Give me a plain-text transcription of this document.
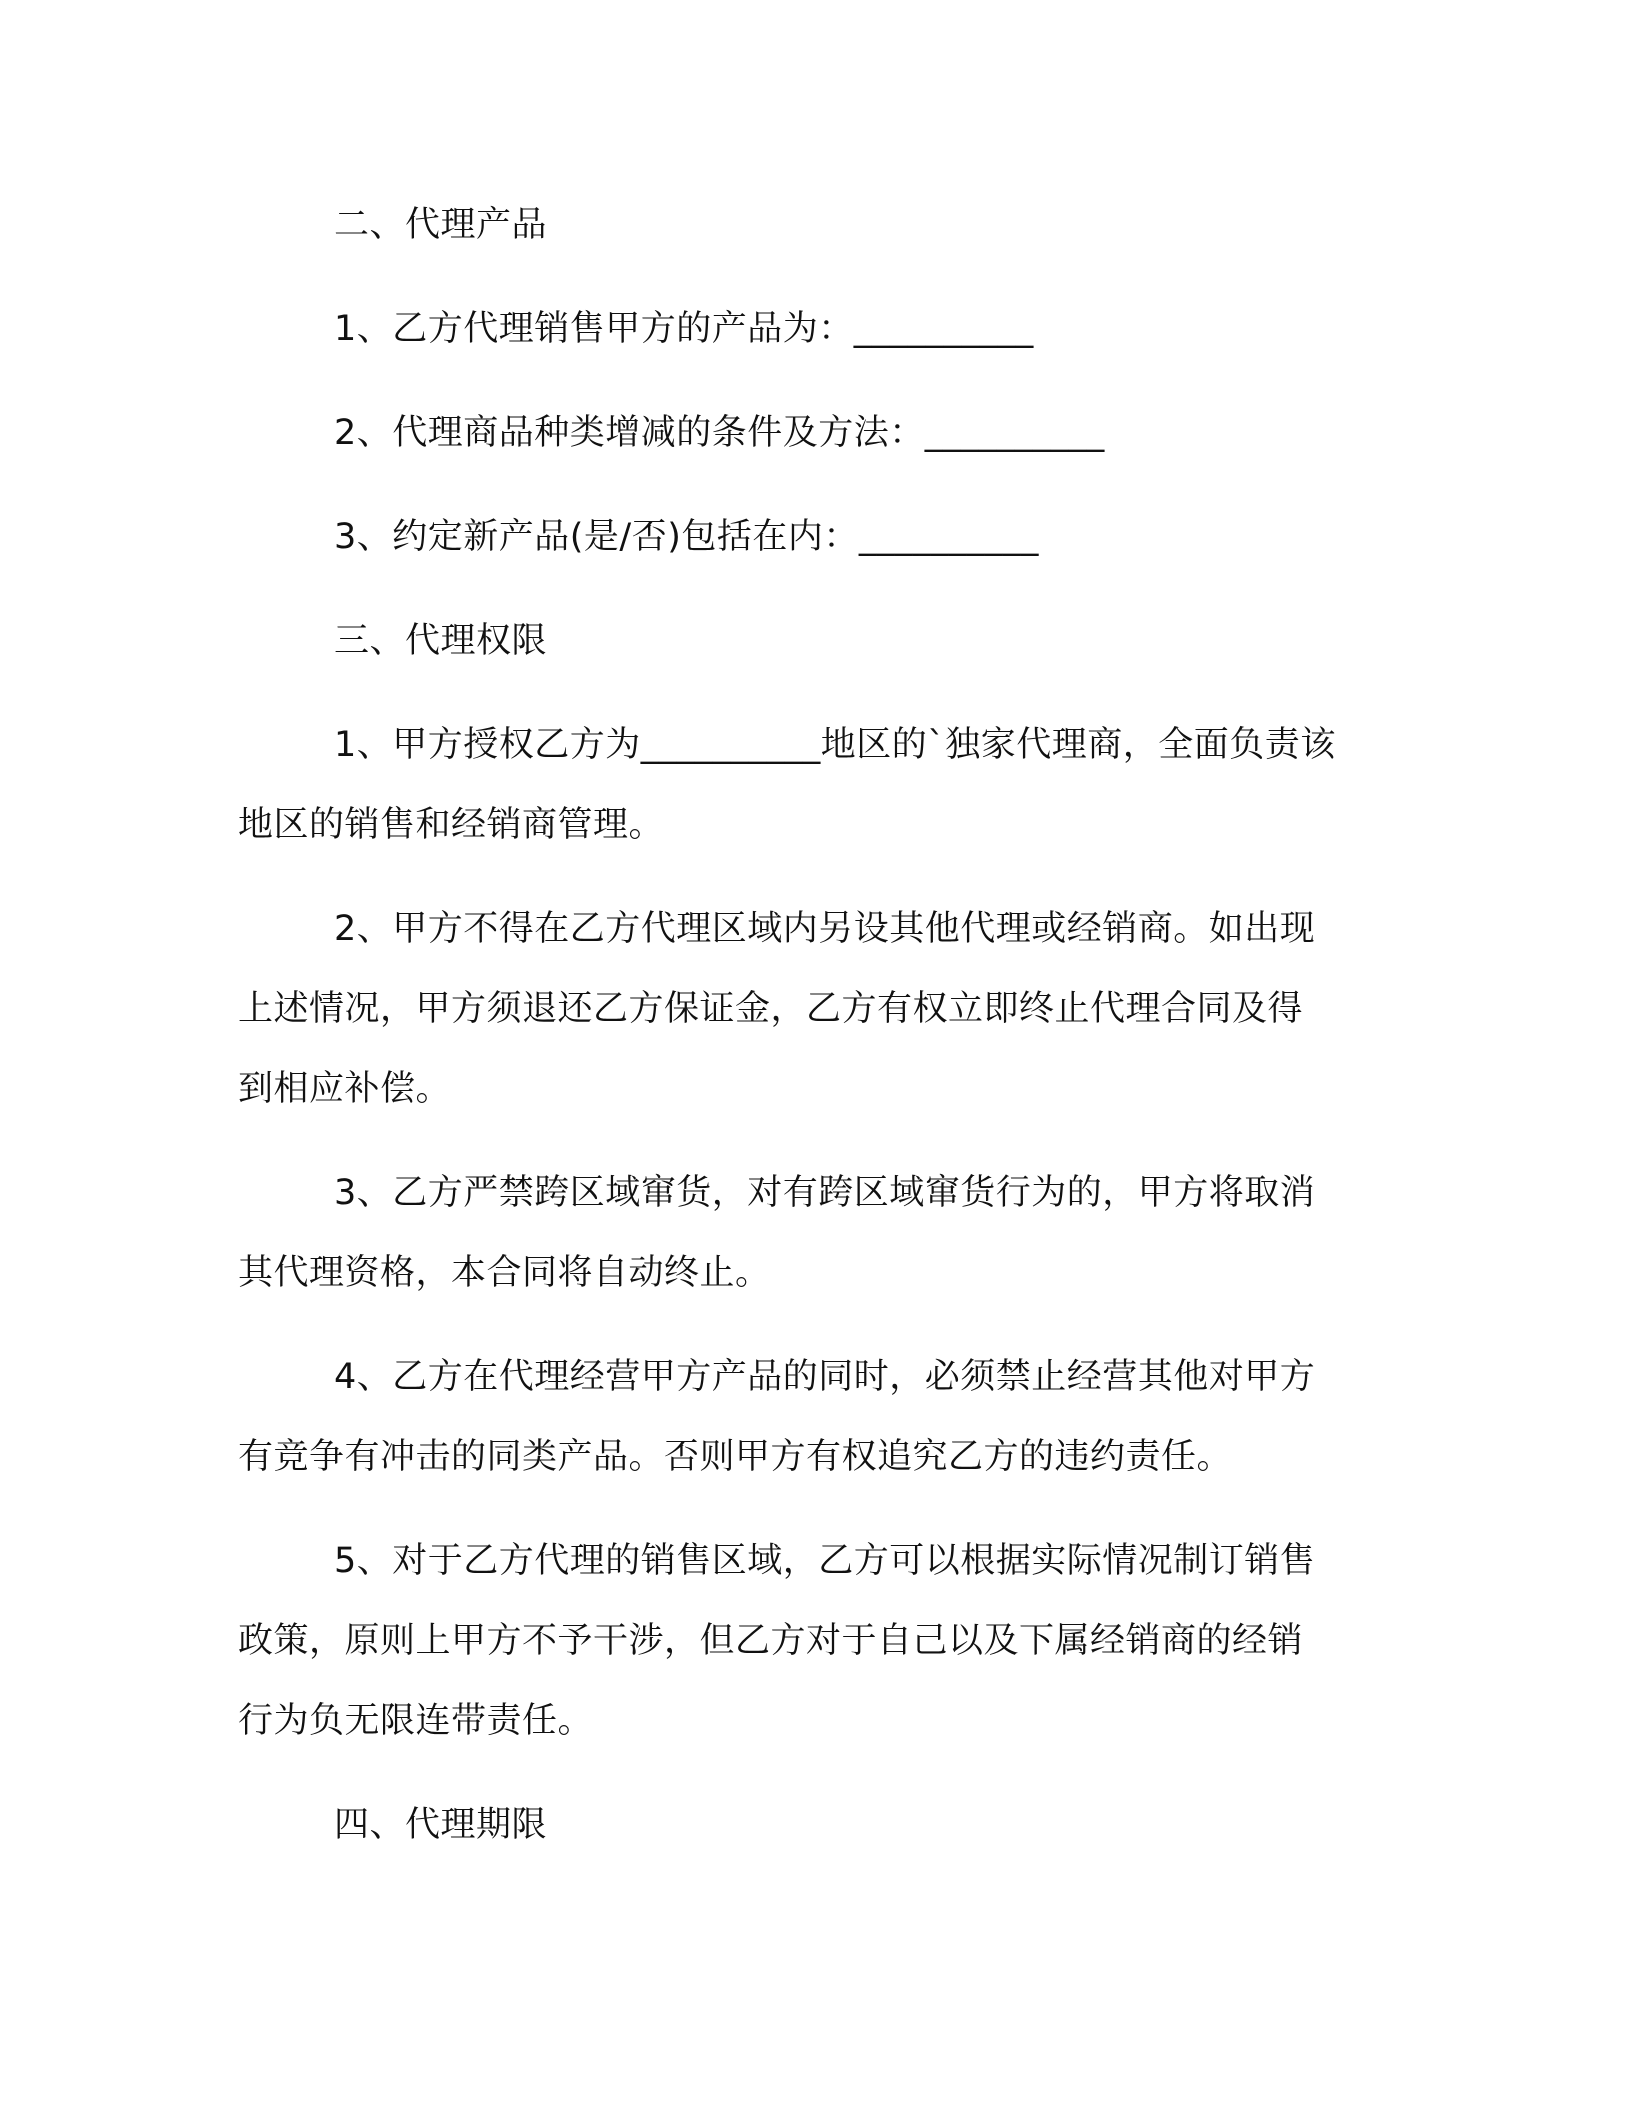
二、代理产品
1、乙方代理销售甲方的产品为：__________
2、代理商品种类增减的条件及方法：__________
3、约定新产品(是/否)包括在内：__________
三、代理权限
1、甲方授权乙方为__________地区的`独家代理商，全面负责该
地区的销售和经销商管理。
2、甲方不得在乙方代理区域内另设其他代理或经销商。如出现
上述情况，甲方须退还乙方保证金，乙方有权立即终止代理合同及得
到相应补偿。
3、乙方严禁跨区域窜货，对有跨区域窜货行为的，甲方将取消
其代理资格，本合同将自动终止。
4、乙方在代理经营甲方产品的同时，必须禁止经营其他对甲方
有竞争有冲击的同类产品。否则甲方有权追究乙方的违约责任。
5、对于乙方代理的销售区域，乙方可以根据实际情况制订销售
政策，原则上甲方不予干涉，但乙方对于自己以及下属经销商的经销
行为负无限连带责任。
四、代理期限
